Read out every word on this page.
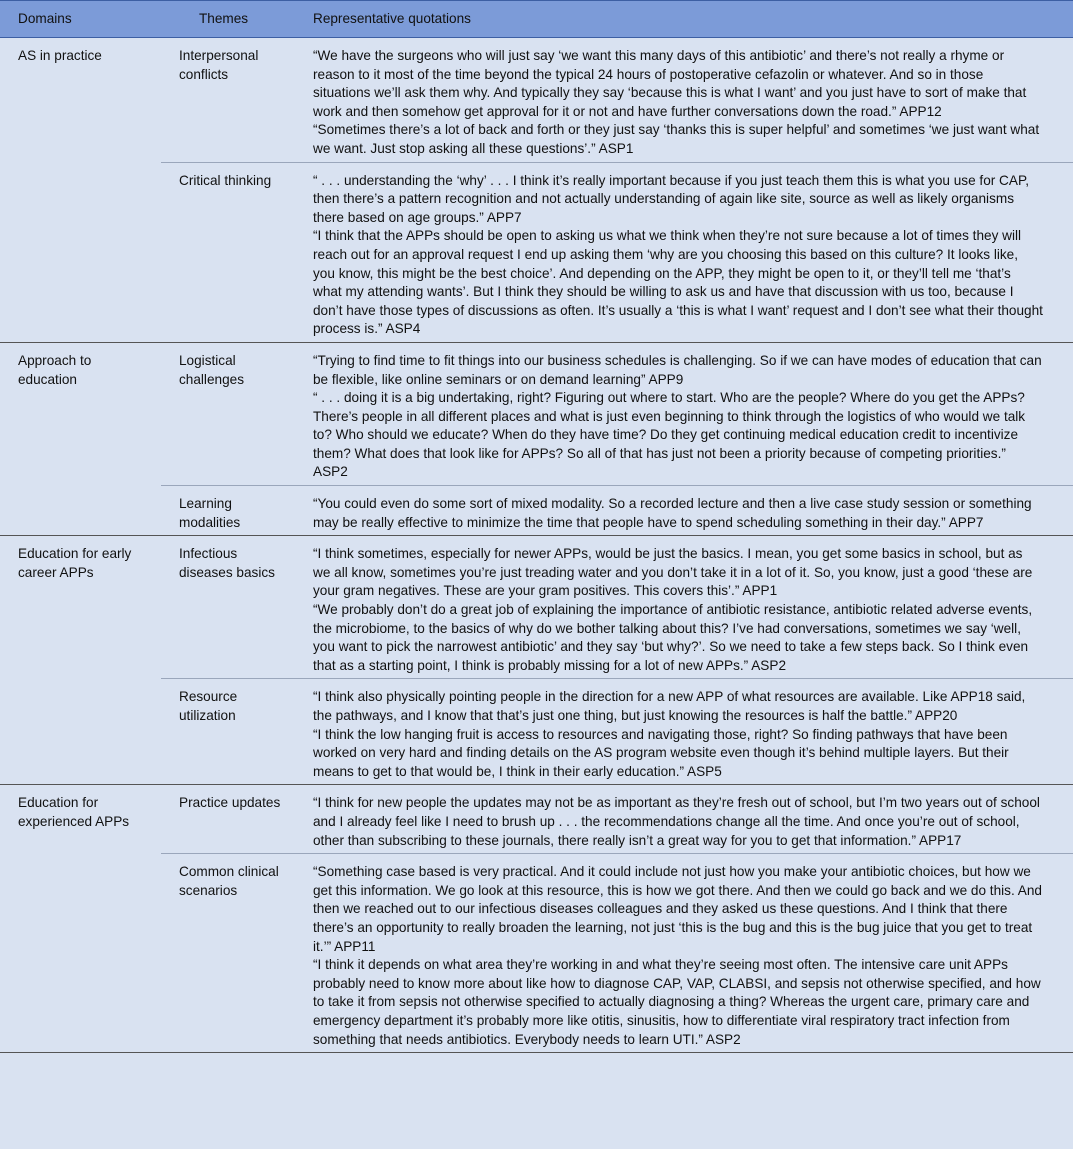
Domains	Themes	Representative quotations
AS in practice	Interpersonal conflicts	“We have the surgeons who will just say ‘we want this many days of this antibiotic’ and there’s not really a rhyme or reason to it most of the time beyond the typical 24 hours of postoperative cefazolin or whatever. And so in those situations we’ll ask them why. And typically they say ‘because this is what I want’ and you just have to sort of make that work and then somehow get approval for it or not and have further conversations down the road.” APP12
“Sometimes there’s a lot of back and forth or they just say ‘thanks this is super helpful’ and sometimes ‘we just want what we want. Just stop asking all these questions’.” ASP1

	Critical thinking	“ . . . understanding the ‘why’ . . . I think it’s really important because if you just teach them this is what you use for CAP, then there’s a pattern recognition and not actually understanding of again like site, source as well as likely organisms there based on age groups.” APP7
“I think that the APPs should be open to asking us what we think when they’re not sure because a lot of times they will reach out for an approval request I end up asking them ‘why are you choosing this based on this culture? It looks like, you know, this might be the best choice’. And depending on the APP, they might be open to it, or they’ll tell me ‘that’s what my attending wants’. But I think they should be willing to ask us and have that discussion with us too, because I don’t have those types of discussions as often. It’s usually a ‘this is what I want’ request and I don’t see what their thought process is.” ASP4

Approach to education	Logistical challenges	“Trying to find time to fit things into our business schedules is challenging. So if we can have modes of education that can be flexible, like online seminars or on demand learning” APP9
“ . . . doing it is a big undertaking, right? Figuring out where to start. Who are the people? Where do you get the APPs? There’s people in all different places and what is just even beginning to think through the logistics of who would we talk to? Who should we educate? When do they have time? Do they get continuing medical education credit to incentivize them? What does that look like for APPs? So all of that has just not been a priority because of competing priorities.” ASP2

	Learning modalities	“You could even do some sort of mixed modality. So a recorded lecture and then a live case study session or something may be really effective to minimize the time that people have to spend scheduling something in their day.” APP7

Education for early career APPs	Infectious diseases basics	“I think sometimes, especially for newer APPs, would be just the basics. I mean, you get some basics in school, but as we all know, sometimes you’re just treading water and you don’t take it in a lot of it. So, you know, just a good ‘these are your gram negatives. These are your gram positives. This covers this’.” APP1
“We probably don’t do a great job of explaining the importance of antibiotic resistance, antibiotic related adverse events, the microbiome, to the basics of why do we bother talking about this? I’ve had conversations, sometimes we say ‘well, you want to pick the narrowest antibiotic’ and they say ‘but why?’. So we need to take a few steps back. So I think even that as a starting point, I think is probably missing for a lot of new APPs.” ASP2

	Resource utilization	“I think also physically pointing people in the direction for a new APP of what resources are available. Like APP18 said, the pathways, and I know that that’s just one thing, but just knowing the resources is half the battle.” APP20
“I think the low hanging fruit is access to resources and navigating those, right? So finding pathways that have been worked on very hard and finding details on the AS program website even though it’s behind multiple layers. But their means to get to that would be, I think in their early education.” ASP5

Education for experienced APPs	Practice updates	“I think for new people the updates may not be as important as they’re fresh out of school, but I’m two years out of school and I already feel like I need to brush up . . . the recommendations change all the time. And once you’re out of school, other than subscribing to these journals, there really isn’t a great way for you to get that information.” APP17

	Common clinical scenarios	“Something case based is very practical. And it could include not just how you make your antibiotic choices, but how we get this information. We go look at this resource, this is how we got there. And then we could go back and we do this. And then we reached out to our infectious diseases colleagues and they asked us these questions. And I think that there there’s an opportunity to really broaden the learning, not just ‘this is the bug and this is the bug juice that you get to treat it.’” APP11
“I think it depends on what area they’re working in and what they’re seeing most often. The intensive care unit APPs probably need to know more about like how to diagnose CAP, VAP, CLABSI, and sepsis not otherwise specified, and how to take it from sepsis not otherwise specified to actually diagnosing a thing? Whereas the urgent care, primary care and emergency department it’s probably more like otitis, sinusitis, how to differentiate viral respiratory tract infection from something that needs antibiotics. Everybody needs to learn UTI.” ASP2
